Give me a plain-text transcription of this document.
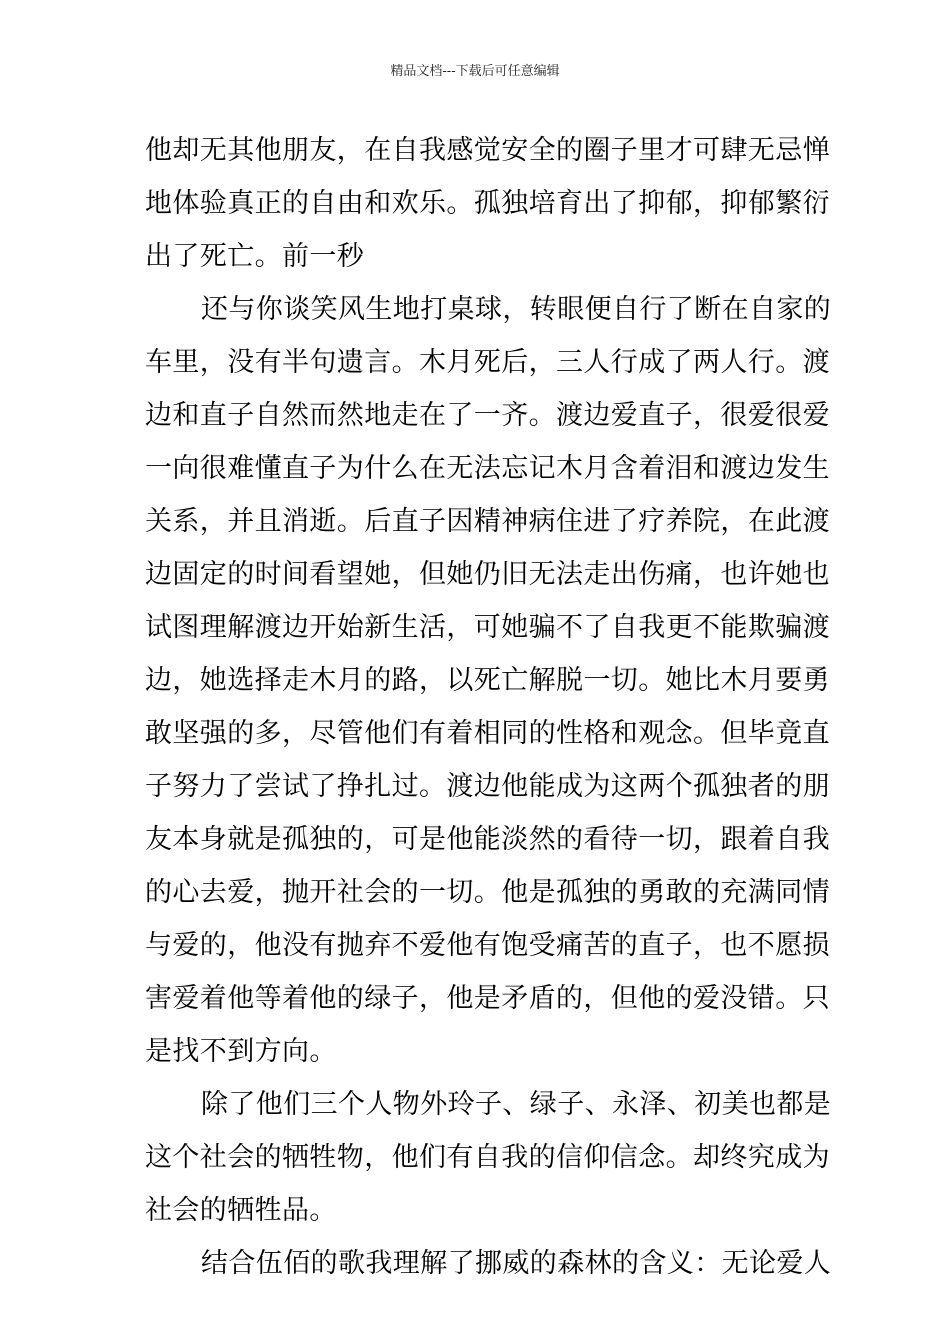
精品文档---下载后可任意编辑
他却无其他朋友，在自我感觉安全的圈子里才可肆无忌惮
地体验真正的自由和欢乐。孤独培育出了抑郁，抑郁繁衍
出了死亡。前一秒
还与你谈笑风生地打桌球，转眼便自行了断在自家的
车里，没有半句遗言。木月死后，三人行成了两人行。渡
边和直子自然而然地走在了一齐。渡边爱直子，很爱很爱
一向很难懂直子为什么在无法忘记木月含着泪和渡边发生
关系，并且消逝。后直子因精神病住进了疗养院，在此渡
边固定的时间看望她，但她仍旧无法走出伤痛，也许她也
试图理解渡边开始新生活，可她骗不了自我更不能欺骗渡
边，她选择走木月的路，以死亡解脱一切。她比木月要勇
敢坚强的多，尽管他们有着相同的性格和观念。但毕竟直
子努力了尝试了挣扎过。渡边他能成为这两个孤独者的朋
友本身就是孤独的，可是他能淡然的看待一切，跟着自我
的心去爱，抛开社会的一切。他是孤独的勇敢的充满同情
与爱的，他没有抛弃不爱他有饱受痛苦的直子，也不愿损
害爱着他等着他的绿子，他是矛盾的，但他的爱没错。只
是找不到方向。
除了他们三个人物外玲子、绿子、永泽、初美也都是
这个社会的牺牲物，他们有自我的信仰信念。却终究成为
社会的牺牲品。
结合伍佰的歌我理解了挪威的森林的含义：无论爱人
